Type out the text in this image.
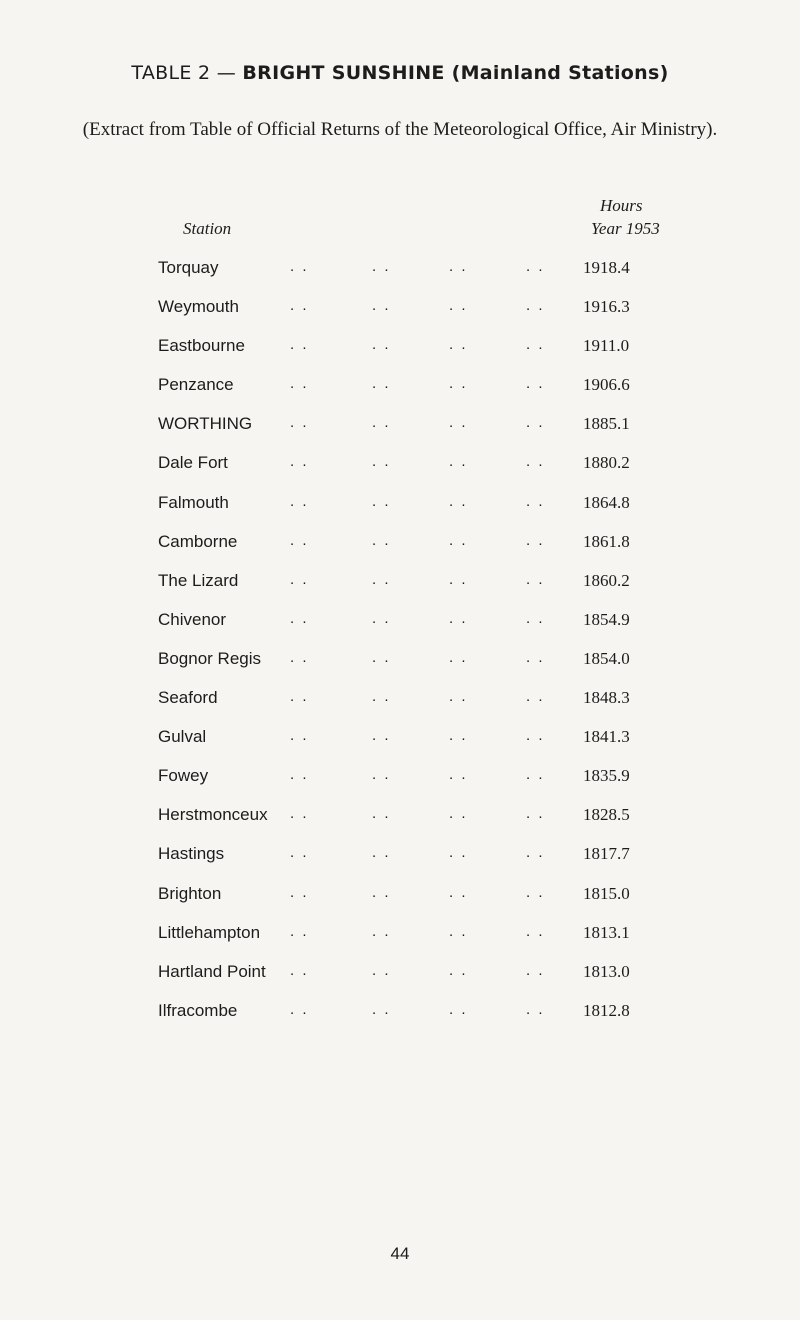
TABLE 2 — BRIGHT SUNSHINE (Mainland Stations)
(Extract from Table of Official Returns of the Meteorological Office, Air Ministry).
Station
Hours
Year 1953
Torquay	. .	. .	. .	. . 1918.4
Weymouth	. .	. .	. .	. . 1916.3
Eastbourne	. .	. .	. .	. . 1911.0
Penzance	. .	. .	. .	. . 1906.6
WORTHING	. .	. .	. .	. . 1885.1
Dale Fort	. .	. .	. .	. . 1880.2
Falmouth	. .	. .	. .	. . 1864.8
Camborne	. .	. .	. .	. . 1861.8
The Lizard	. .	. .	. .	. . 1860.2
Chivenor	. .	. .	. .	. . 1854.9
Bognor Regis . .	. .	. .	. . 1854.0
Seaford	. .	. .	. .	. . 1848.3
Gulval	. .	. .	. .	. . 1841.3
Fowey	. .	. .	. .	. . 1835.9
Herstmonceux . .	. .	. .	. . 1828.5
Hastings	. .	. .	. .	. . 1817.7
Brighton	. .	. .	. .	. . 1815.0
Littlehampton . .	. .	. .	. . 1813.1
Hartland Point . .	. .	. .	. . 1813.0
Ilfracombe	. .	. .	. .	. . 1812.8
44
